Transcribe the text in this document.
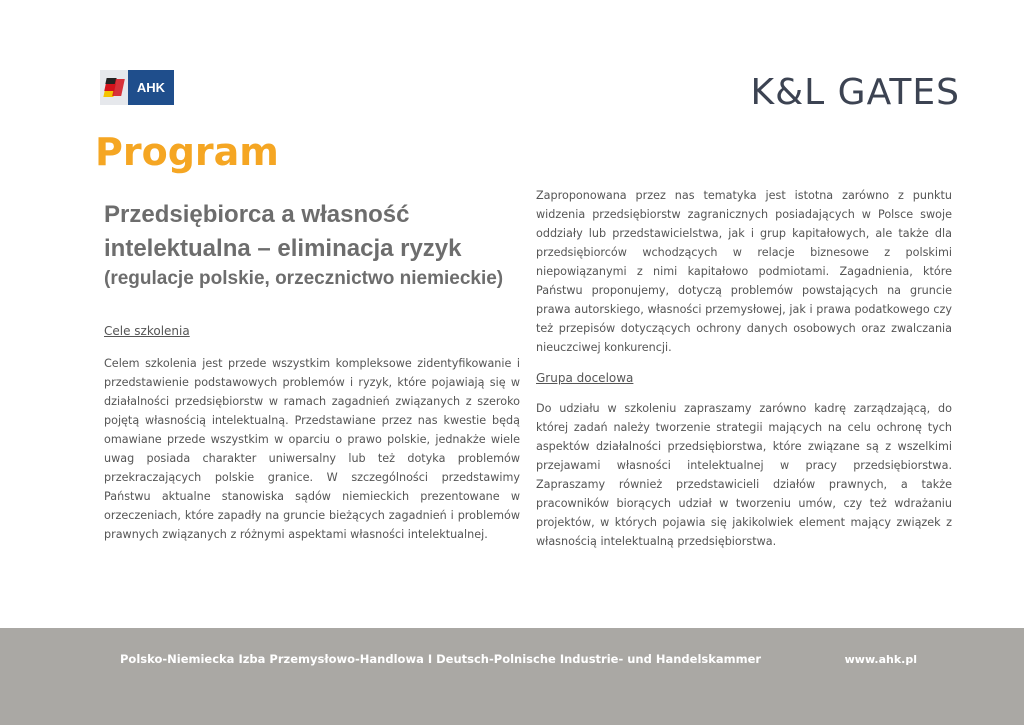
AHK	K&L GATES
Program
Przedsiębiorca a własność
intelektualna – eliminacja ryzyk
(regulacje polskie, orzecznictwo niemieckie)
Cele szkolenia
Celem szkolenia jest przede wszystkim kompleksowe zidentyfikowanie i przedstawienie podstawowych problemów i ryzyk, które pojawiają się w działalności przedsiębiorstw w ramach zagadnień związanych z szeroko pojętą własnością intelektualną. Przedstawiane przez nas kwestie będą omawiane przede wszystkim w oparciu o prawo polskie, jednakże wiele uwag posiada charakter uniwersalny lub też dotyka problemów przekraczających polskie granice. W szczególności przedstawimy Państwu aktualne stanowiska sądów niemieckich prezentowane w orzeczeniach, które zapadły na gruncie bieżących zagadnień i problemów prawnych związanych z różnymi aspektami własności intelektualnej.
Zaproponowana przez nas tematyka jest istotna zarówno z punktu widzenia przedsiębiorstw zagranicznych posiadających w Polsce swoje oddziały lub przedstawicielstwa, jak i grup kapitałowych, ale także dla przedsiębiorców wchodzących w relacje biznesowe z polskimi niepowiązanymi z nimi kapitałowo podmiotami. Zagadnienia, które Państwu proponujemy, dotyczą problemów powstających na gruncie prawa autorskiego, własności przemysłowej, jak i prawa podatkowego czy też przepisów dotyczących ochrony danych osobowych oraz zwalczania nieuczciwej konkurencji.
Grupa docelowa
Do udziału w szkoleniu zapraszamy zarówno kadrę zarządzającą, do której zadań należy tworzenie strategii mających na celu ochronę tych aspektów działalności przedsiębiorstwa, które związane są z wszelkimi przejawami własności intelektualnej w pracy przedsiębiorstwa. Zapraszamy również przedstawicieli działów prawnych, a także pracowników biorących udział w tworzeniu umów, czy też wdrażaniu projektów, w których pojawia się jakikolwiek element mający związek z własnością intelektualną przedsiębiorstwa.
Polsko-Niemiecka Izba Przemysłowo-Handlowa I Deutsch-Polnische Industrie- und Handelskammer	www.ahk.pl
